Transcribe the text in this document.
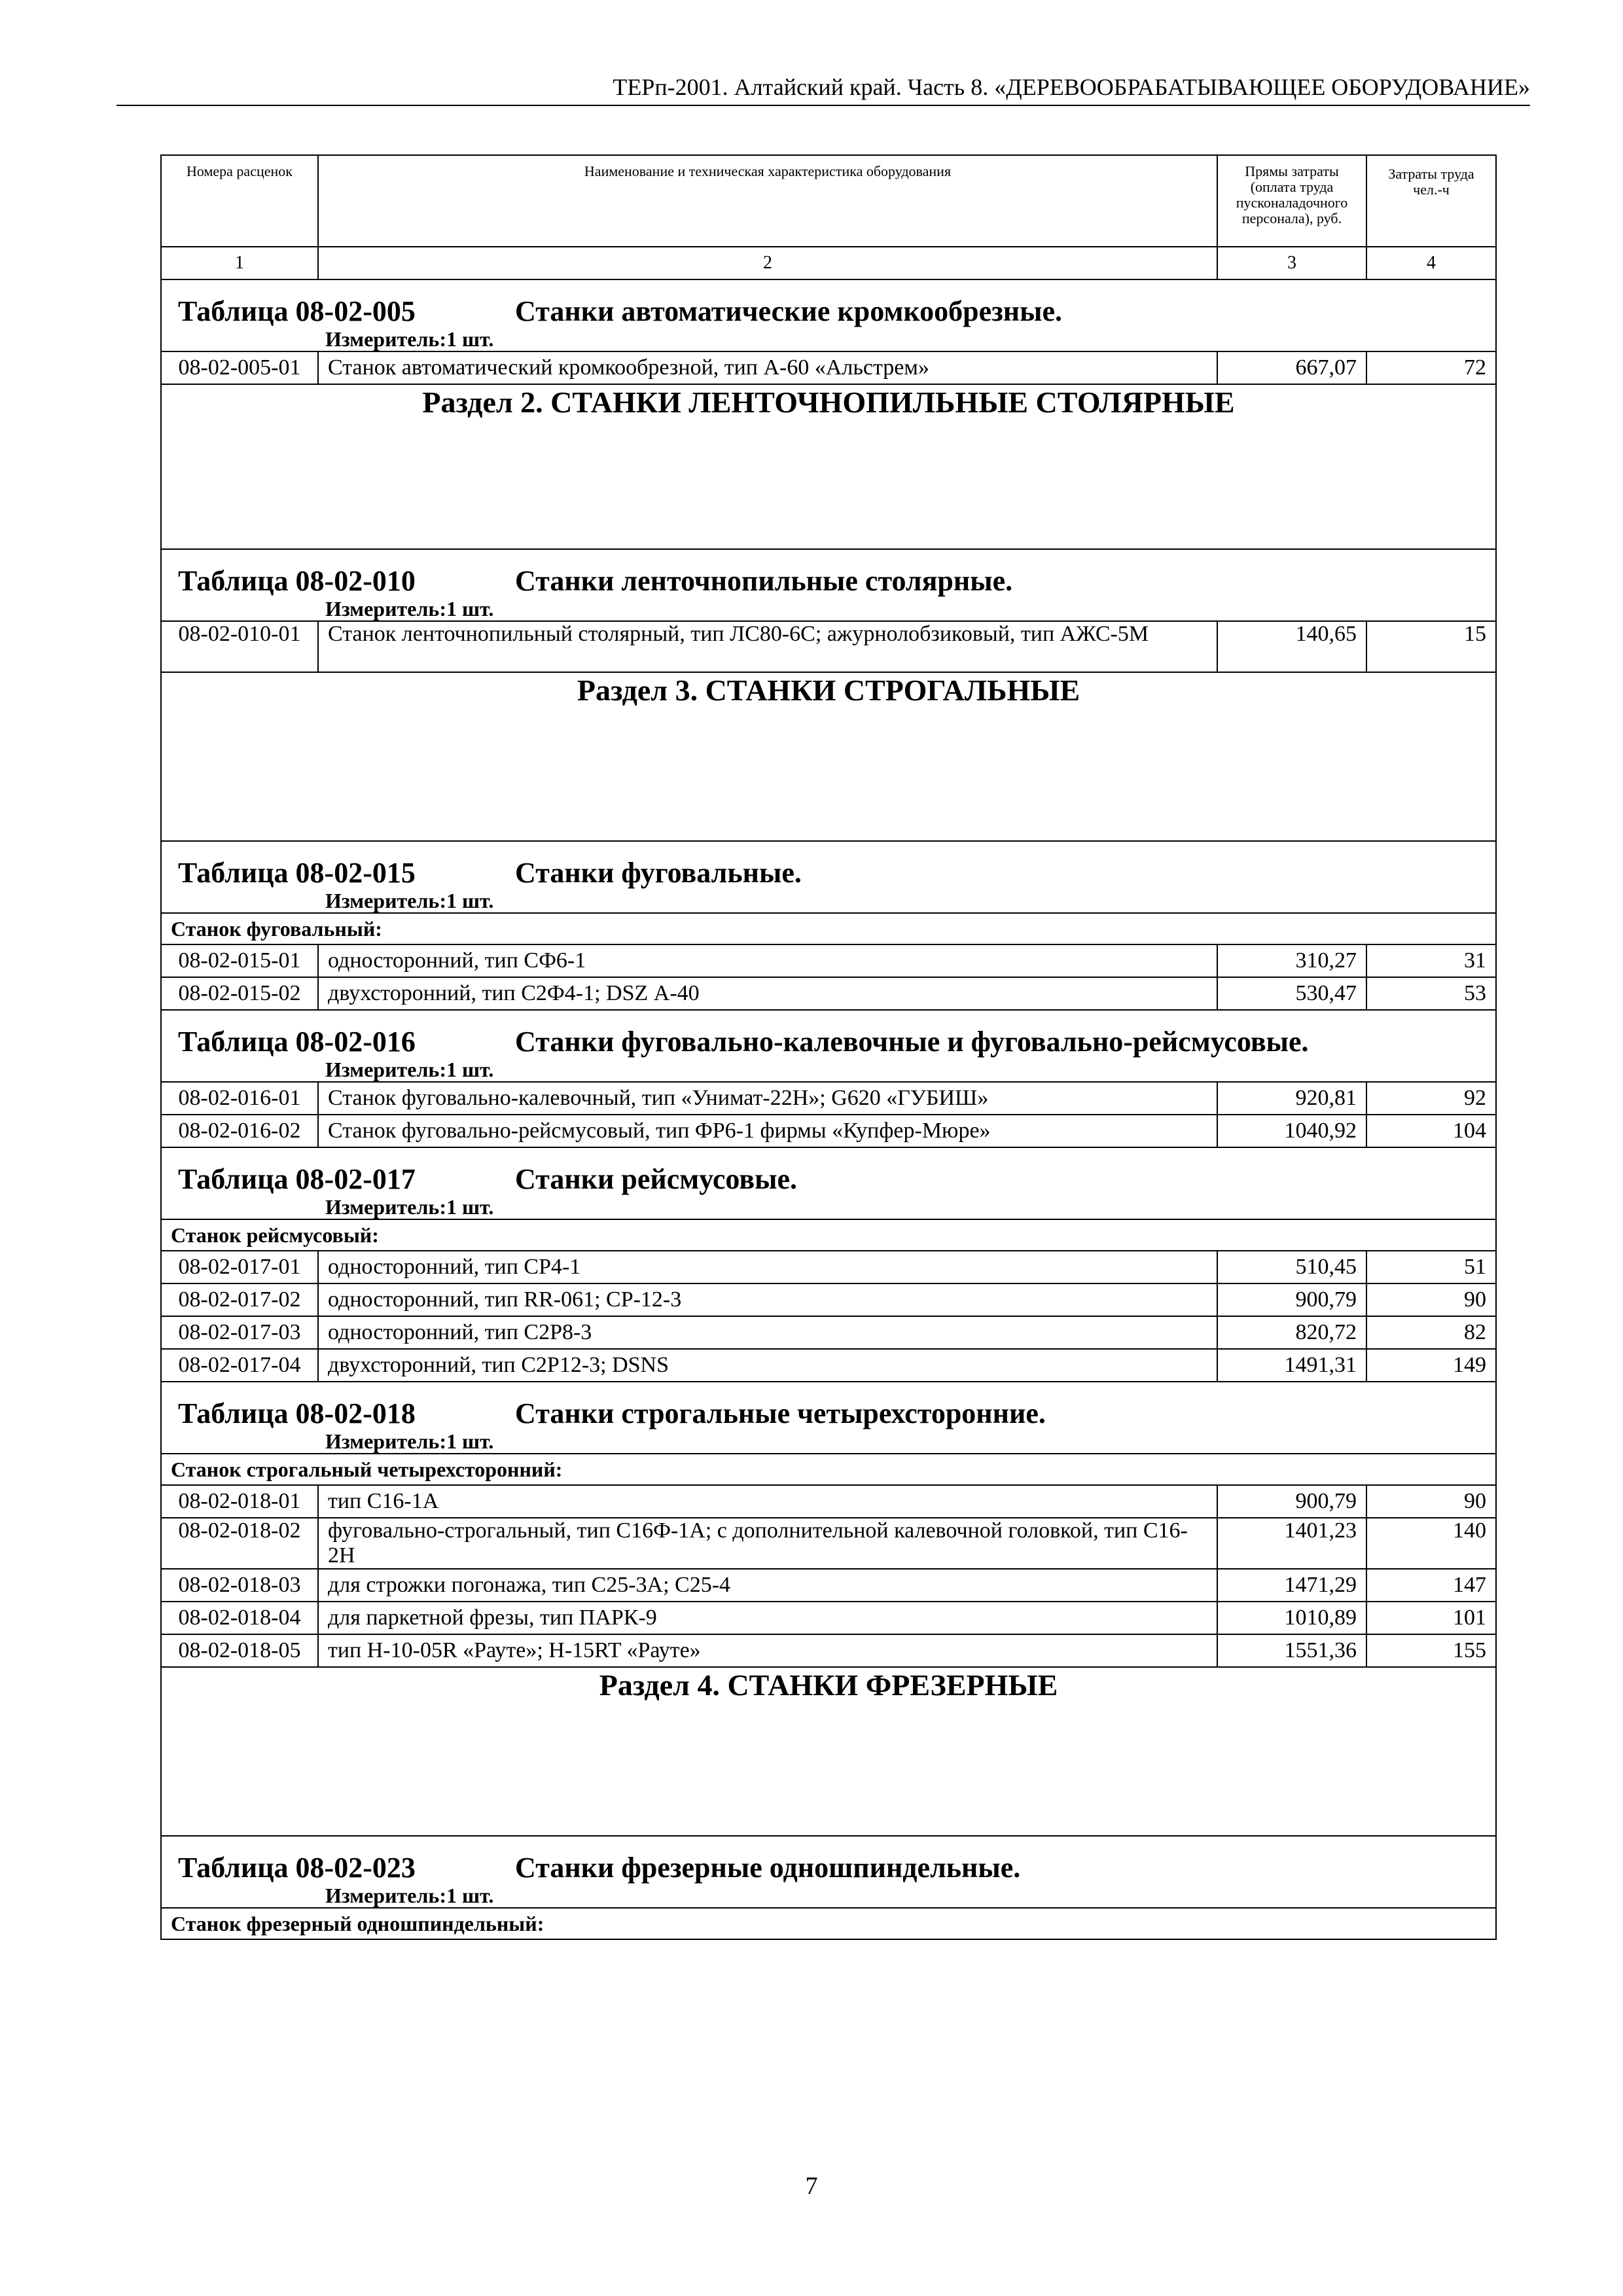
ТЕРп-2001. Алтайский край. Часть 8. «ДЕРЕВООБРАБАТЫВАЮЩЕЕ ОБОРУДОВАНИЕ»
Номера расценок	Наименование и техническая характеристика оборудования	Прямы затраты (оплата труда пусконаладочного персонала), руб.	Затраты труда чел.-ч
1	2	3	4

Таблица 08-02-005 Станки автоматические кромкообрезные.
Измеритель:1 шт.			

08-02-005-01	Станок автоматический кромкообрезной, тип А-60 «Альстрем»	667,07	72
Раздел 2. СТАНКИ ЛЕНТОЧНОПИЛЬНЫЕ СТОЛЯРНЫЕ			

Таблица 08-02-010 Станки ленточнопильные столярные.
Измеритель:1 шт.			

08-02-010-01	Станок ленточнопильный столярный, тип ЛС80-6С; ажурнолобзиковый, тип АЖС-5М	140,65	15
Раздел 3. СТАНКИ СТРОГАЛЬНЫЕ			

Таблица 08-02-015 Станки фуговальные.
Измеритель:1 шт.			

Станок фуговальный:			
08-02-015-01	односторонний, тип СФ6-1	310,27	31
08-02-015-02	двухсторонний, тип С2Ф4-1; DSZ А-40	530,47	53

Таблица 08-02-016 Станки фуговально-калевочные и фуговально-рейсмусовые.
Измеритель:1 шт.			

08-02-016-01	Станок фуговально-калевочный, тип «Унимат-22Н»; G620 «ГУБИШ»	920,81	92
08-02-016-02	Станок фуговально-рейсмусовый, тип ФР6-1 фирмы «Купфер-Мюре»	1040,92	104

Таблица 08-02-017 Станки рейсмусовые.
Измеритель:1 шт.			

Станок рейсмусовый:			
08-02-017-01	односторонний, тип СР4-1	510,45	51
08-02-017-02	односторонний, тип RR-061; СР-12-3	900,79	90
08-02-017-03	односторонний, тип С2Р8-3	820,72	82
08-02-017-04	двухсторонний, тип С2Р12-3; DSNS	1491,31	149

Таблица 08-02-018 Станки строгальные четырехсторонние.
Измеритель:1 шт.			

Станок строгальный четырехсторонний:			
08-02-018-01	тип С16-1А	900,79	90
08-02-018-02	фуговально-строгальный, тип С16Ф-1А; с дополнительной калевочной головкой, тип С16-2Н	1401,23	140
08-02-018-03	для строжки погонажа, тип С25-3А; С25-4	1471,29	147
08-02-018-04	для паркетной фрезы, тип ПАРК-9	1010,89	101
08-02-018-05	тип Н-10-05R «Рауте»; Н-15RT «Рауте»	1551,36	155
Раздел 4. СТАНКИ ФРЕЗЕРНЫЕ			

Таблица 08-02-023 Станки фрезерные одношпиндельные.
Измеритель:1 шт.			

Станок фрезерный одношпиндельный:			
7
